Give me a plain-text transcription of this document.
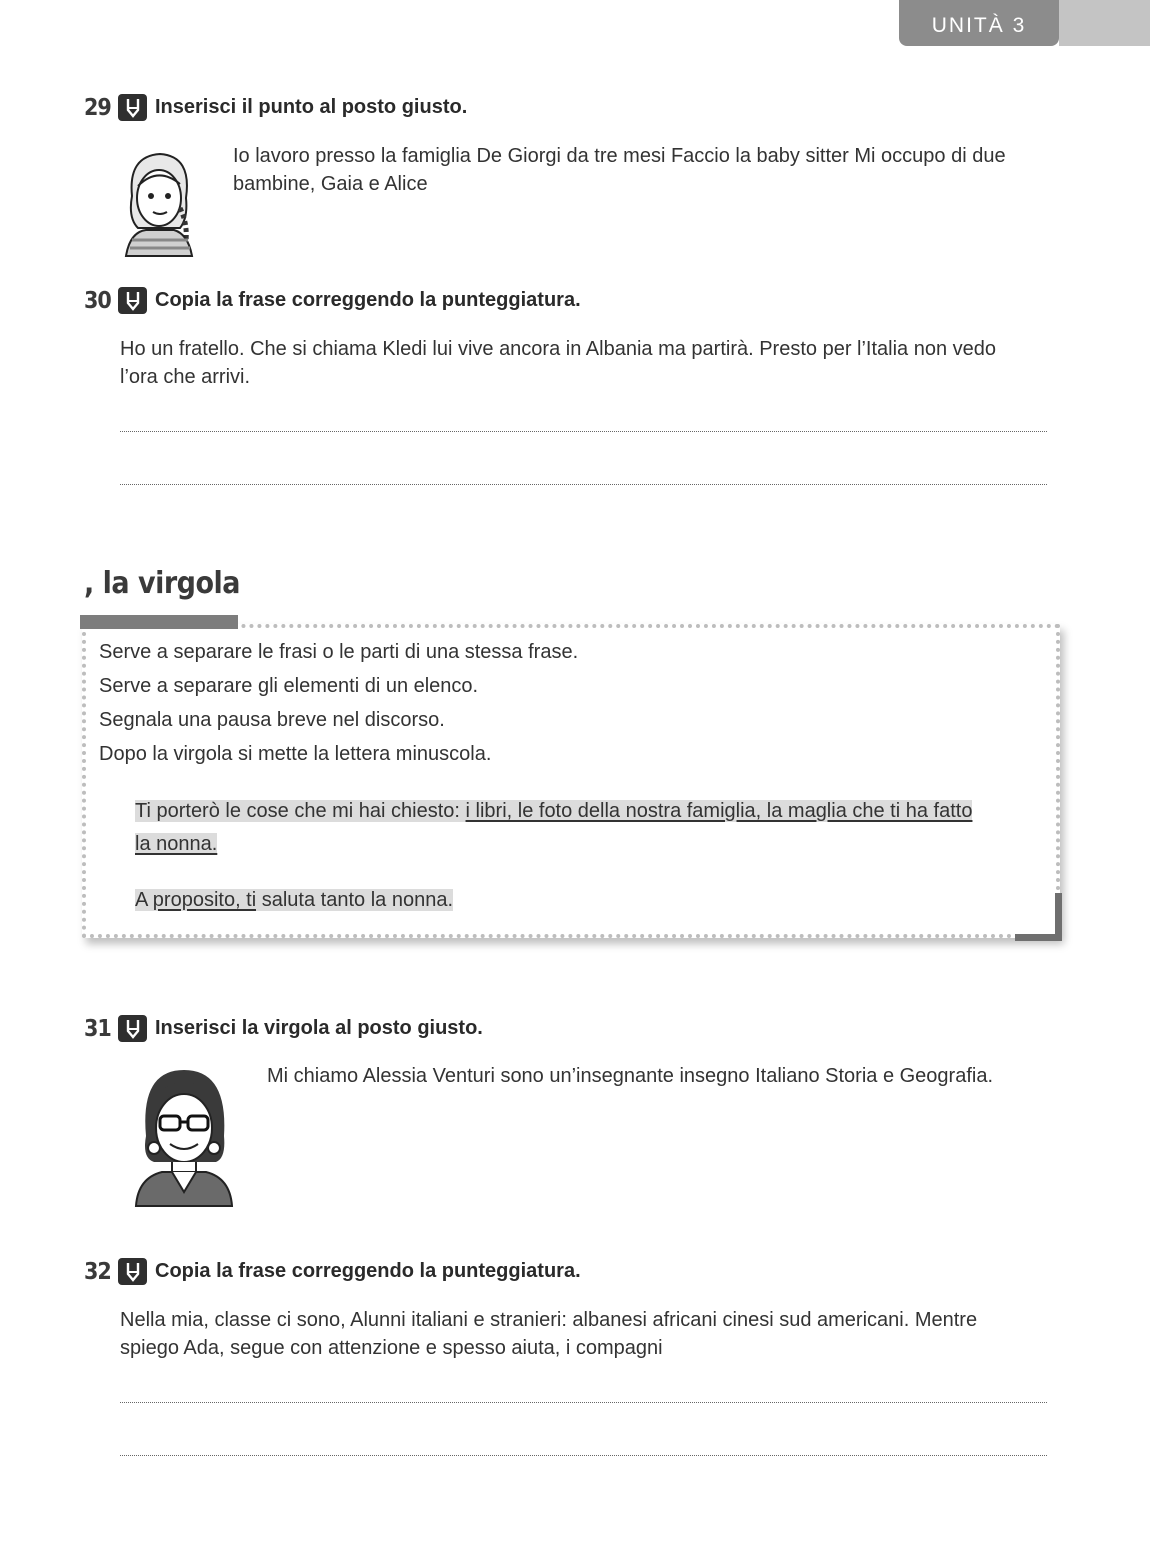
UNITÀ 3
29	Inserisci il punto al posto giusto.
Io lavoro presso la famiglia De Giorgi da tre mesi Faccio la baby sitter Mi occupo di due
bambine, Gaia e Alice
30	Copia la frase correggendo la punteggiatura.
Ho un fratello. Che si chiama Kledi lui vive ancora in Albania ma partirà. Presto per l’Italia non vedo
l’ora che arrivi.
, la virgola
Serve a separare le frasi o le parti di una stessa frase.
Serve a separare gli elementi di un elenco.
Segnala una pausa breve nel discorso.
Dopo la virgola si mette la lettera minuscola.
Ti porterò le cose che mi hai chiesto: i libri, le foto della nostra famiglia, la maglia che ti ha fatto
la nonna.
A proposito, ti saluta tanto la nonna.
31	Inserisci la virgola al posto giusto.
Mi chiamo Alessia Venturi sono un’insegnante insegno Italiano Storia e Geografia.
32	Copia la frase correggendo la punteggiatura.
Nella mia, classe ci sono, Alunni italiani e stranieri: albanesi africani cinesi sud americani. Mentre
spiego Ada, segue con attenzione e spesso aiuta, i compagni
